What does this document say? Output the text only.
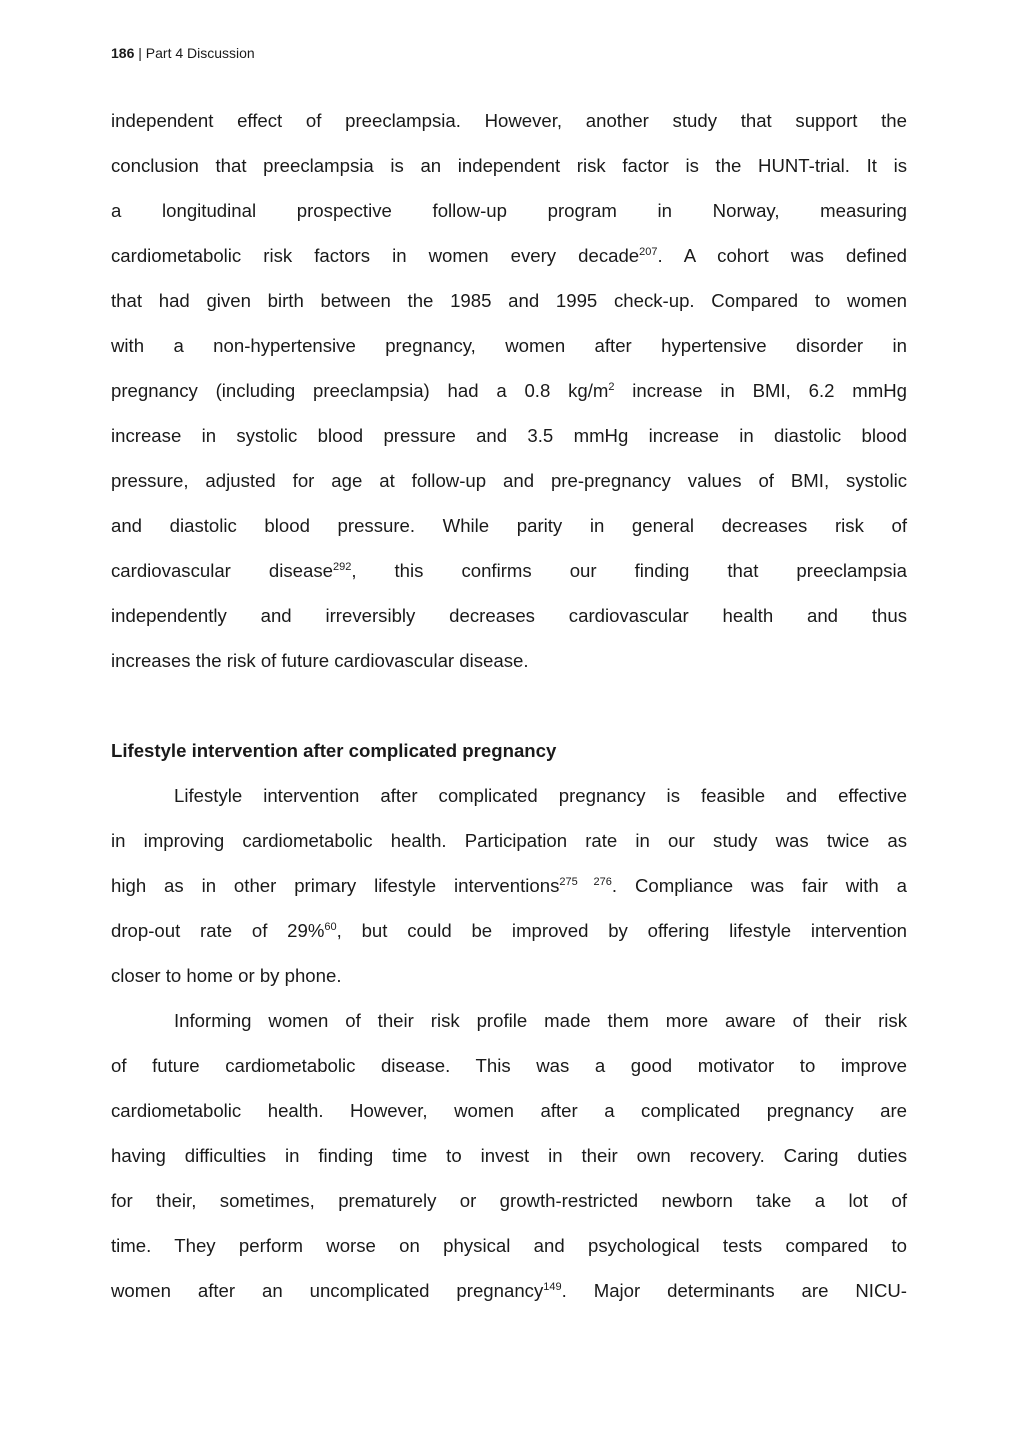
186 | Part 4 Discussion
Lifestyle intervention after complicated pregnancy
independent effect of preeclampsia. However, another study that support the
conclusion that preeclampsia is an independent risk factor is the HUNT-trial. It is
a longitudinal prospective follow-up program in Norway, measuring
cardiometabolic risk factors in women every decade$^{207}$. A cohort was defined
that had given birth between the 1985 and 1995 check-up. Compared to women
with a non-hypertensive pregnancy, women after hypertensive disorder in
pregnancy (including preeclampsia) had a 0.8 $kg/m^2$ increase in BMI, 6.2 mmHg
increase in systolic blood pressure and 3.5 mmHg increase in diastolic blood
pressure, adjusted for age at follow-up and pre-pregnancy values of BMI, systolic
and diastolic blood pressure. While parity in general decreases risk of
cardiovascular disease$^{292}$, this confirms our finding that preeclampsia
independently and irreversibly decreases cardiovascular health and thus
increases the risk of future cardiovascular disease.
Lifestyle intervention after complicated pregnancy is feasible and effective
in improving cardiometabolic health. Participation rate in our study was twice as
high as in other primary lifestyle interventions$^{275 276}$. Compliance was fair with a
drop-out rate of 29%$^{60}$, but could be improved by offering lifestyle intervention
closer to home or by phone.
Informing women of their risk profile made them more aware of their risk
of future cardiometabolic disease. This was a good motivator to improve
cardiometabolic health. However, women after a complicated pregnancy are
having difficulties in finding time to invest in their own recovery. Caring duties
for their, sometimes, prematurely or growth-restricted newborn take a lot of
time. They perform worse on physical and psychological tests compared to
women after an uncomplicated pregnancy$^{149}$. Major determinants are NICU-
